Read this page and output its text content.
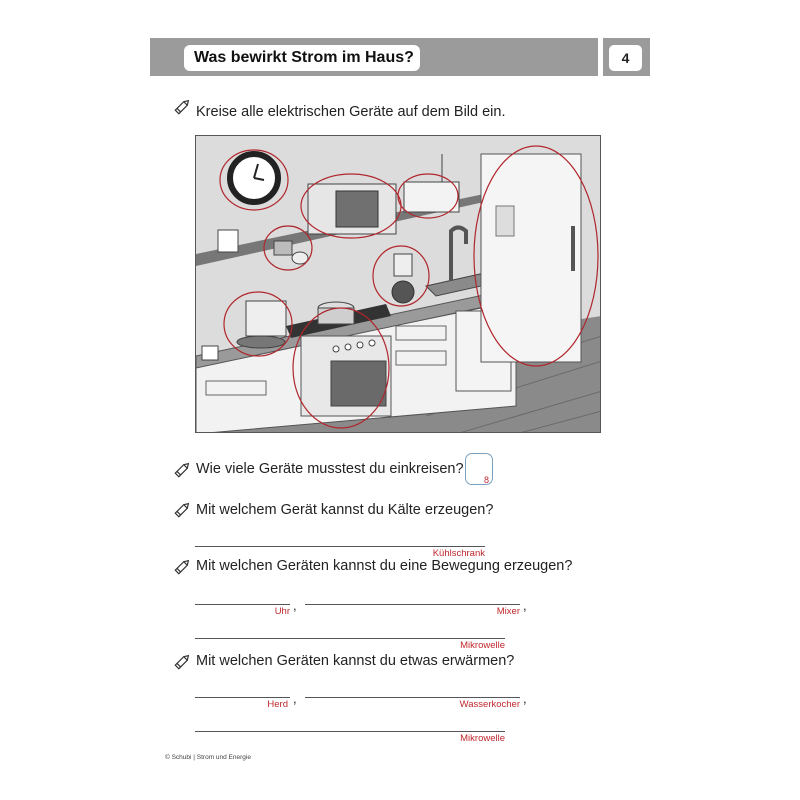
Was bewirkt Strom im Haus?	4
Kreise alle elektrischen Geräte auf dem Bild ein.
Wie viele Geräte musstest du einkreisen?
8
Mit welchem Gerät kannst du Kälte erzeugen?
Kühlschrank
Mit welchen Geräten kannst du eine Bewegung erzeugen?
Uhr ,	Mixer ,
Mikrowelle
Mit welchen Geräten kannst du etwas erwärmen?
Herd ,	Wasserkocher ,
Mikrowelle
© Schubi | Strom und Energie
